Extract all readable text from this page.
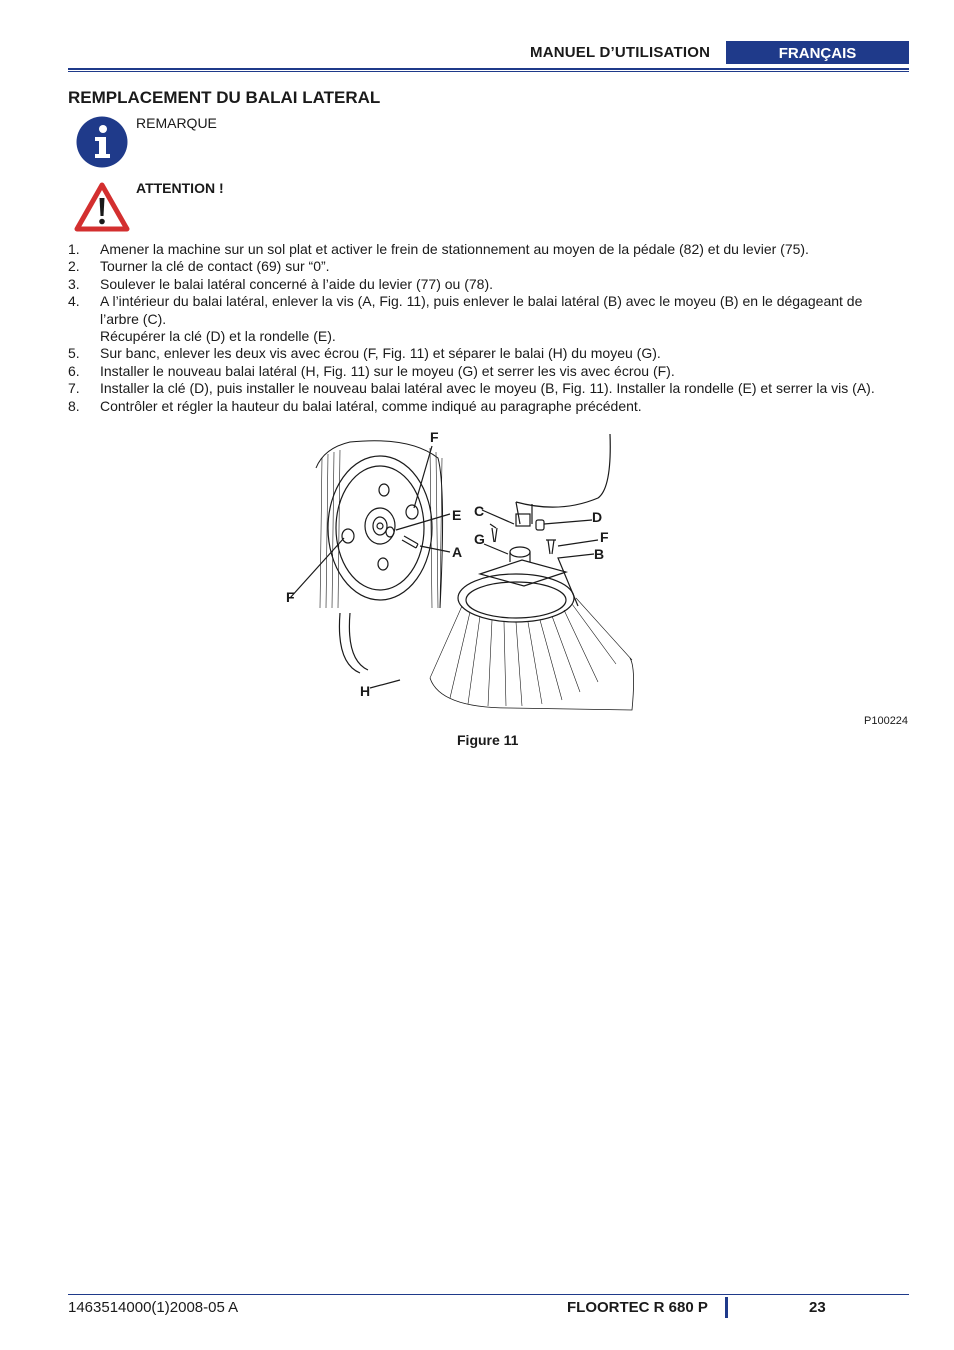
MANUEL D’UTILISATION	FRANÇAIS
REMPLACEMENT DU BALAI LATERAL
REMARQUE
ATTENTION !
1.	Amener la machine sur un sol plat et activer le frein de stationnement au moyen de la pédale (82) et du levier (75).
2.	Tourner la clé de contact (69) sur “0”.
3.	Soulever le balai latéral concerné à l’aide du levier (77) ou (78).
4.	A l’intérieur du balai latéral, enlever la vis (A, Fig. 11), puis enlever le balai latéral (B) avec le moyeu (B) en le dégageant de l’arbre (C).
Récupérer la clé (D) et la rondelle (E).
5.	Sur banc, enlever les deux vis avec écrou (F, Fig. 11) et séparer le balai (H) du moyeu (G).
6.	Installer le nouveau balai latéral (H, Fig. 11) sur le moyeu (G) et serrer les vis avec écrou (F).
7.	Installer la clé (D), puis installer le nouveau balai latéral avec le moyeu (B, Fig. 11). Installer la rondelle (E) et serrer la vis (A).
8.	Contrôler et régler la hauteur du balai latéral, comme indiqué au paragraphe précédent.
F
E
A
F
H
C
G
D
F
B
P100224
Figure 11
1463514000(1)2008-05 A	FLOORTEC R 680 P	23
